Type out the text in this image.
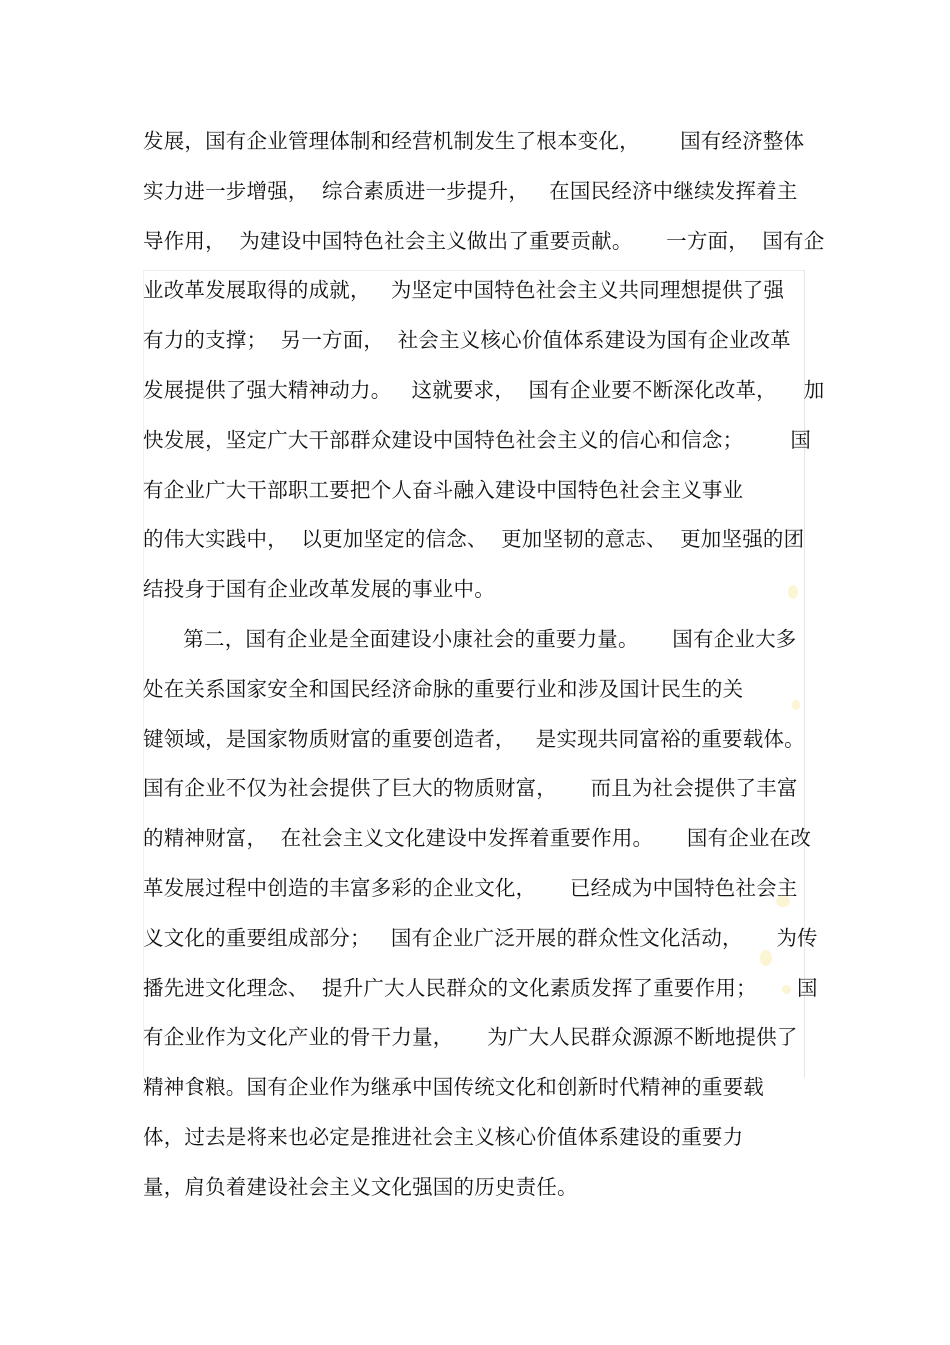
发展，国有企业管理体制和经营机制发生了根本变化，      国有经济整体
实力进一步增强，  综合素质进一步提升，   在国民经济中继续发挥着主
导作用，  为建设中国特色社会主义做出了重要贡献。     一方面，  国有企
业改革发展取得的成就，   为坚定中国特色社会主义共同理想提供了强
有力的支撑；  另一方面，  社会主义核心价值体系建设为国有企业改革
发展提供了强大精神动力。   这就要求，  国有企业要不断深化改革，    加
快发展，坚定广大干部群众建设中国特色社会主义的信心和信念；       国
有企业广大干部职工要把个人奋斗融入建设中国特色社会主义事业
的伟大实践中，  以更加坚定的信念、  更加坚韧的意志、  更加坚强的团
结投身于国有企业改革发展的事业中。
第二，国有企业是全面建设小康社会的重要力量。     国有企业大多
处在关系国家安全和国民经济命脉的重要行业和涉及国计民生的关
键领域，是国家物质财富的重要创造者，   是实现共同富裕的重要载体。
国有企业不仅为社会提供了巨大的物质财富，     而且为社会提供了丰富
的精神财富，  在社会主义文化建设中发挥着重要作用。     国有企业在改
革发展过程中创造的丰富多彩的企业文化，     已经成为中国特色社会主
义文化的重要组成部分；   国有企业广泛开展的群众性文化活动，     为传
播先进文化理念、  提升广大人民群众的文化素质发挥了重要作用；      国
有企业作为文化产业的骨干力量，     为广大人民群众源源不断地提供了
精神食粮。国有企业作为继承中国传统文化和创新时代精神的重要载
体，过去是将来也必定是推进社会主义核心价值体系建设的重要力
量，肩负着建设社会主义文化强国的历史责任。
